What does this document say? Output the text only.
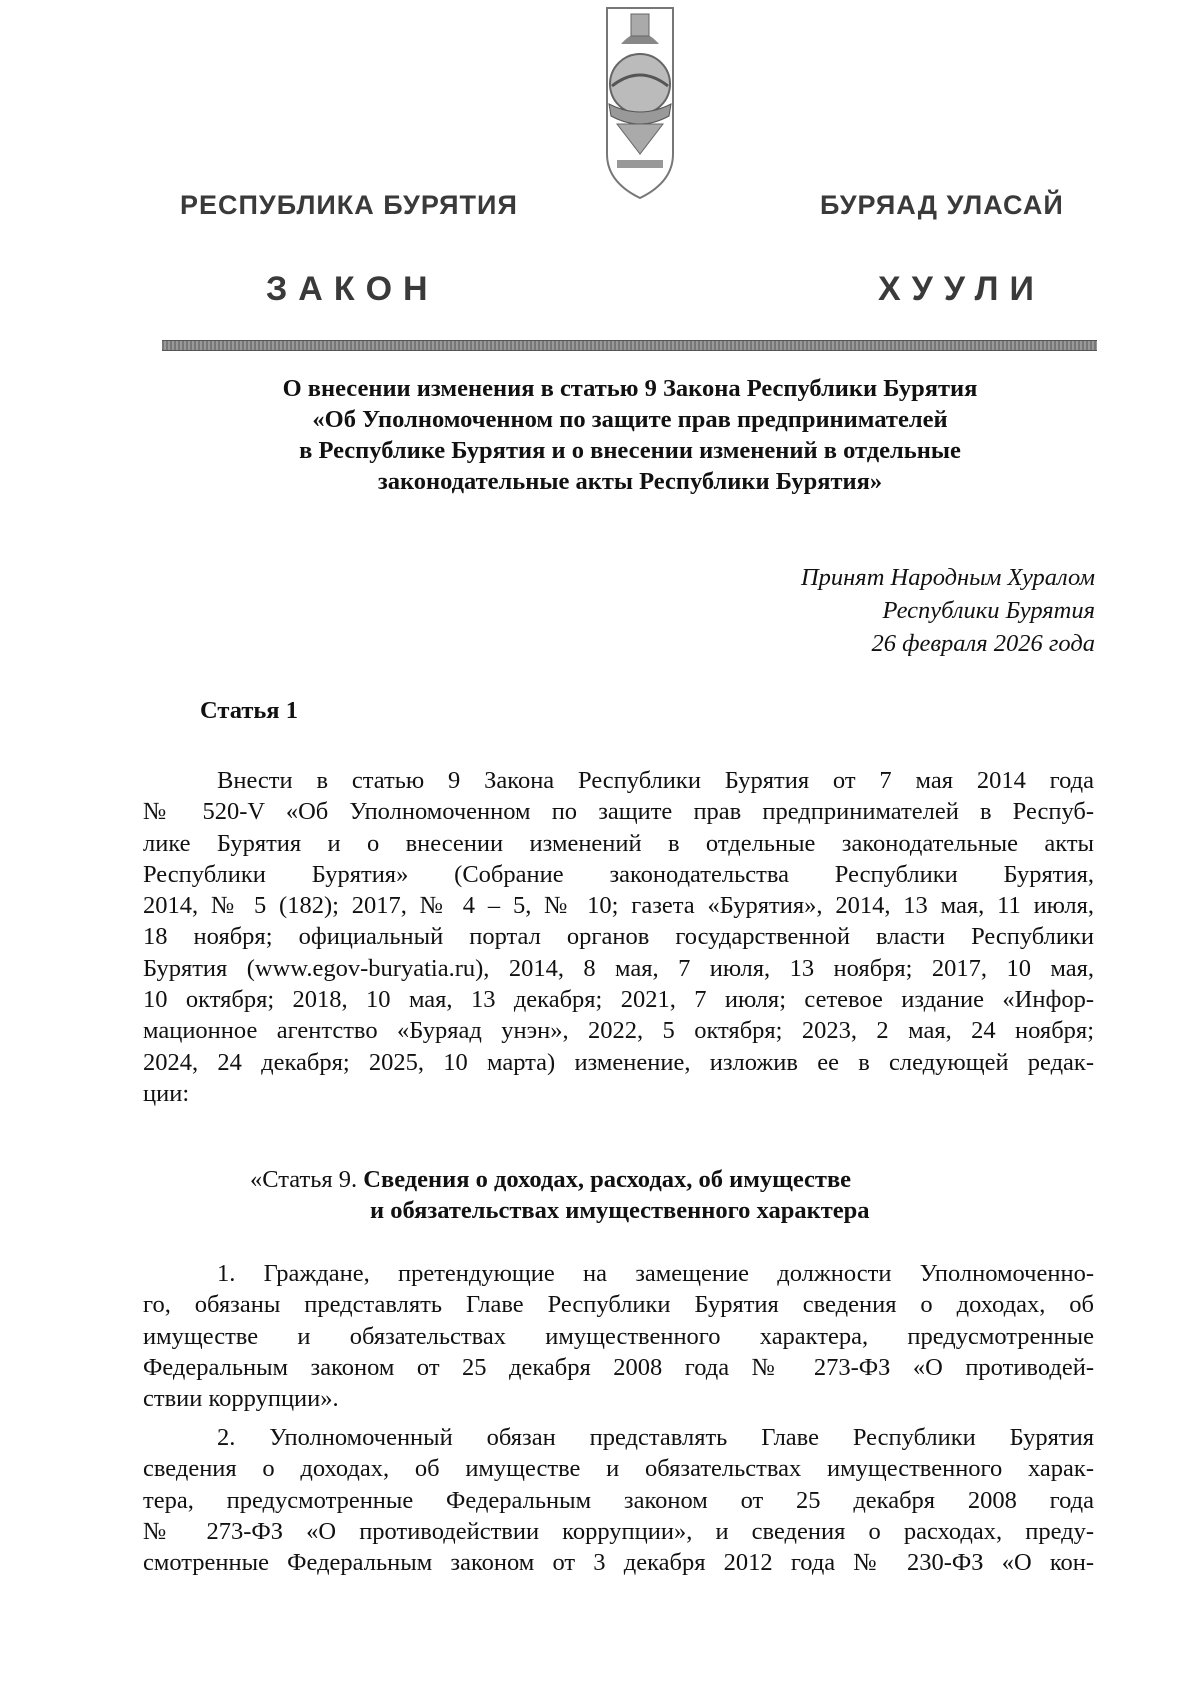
РЕСПУБЛИКА БУРЯТИЯ	БУРЯАД УЛАСАЙ
ЗАКОН	ХУУЛИ
О внесении изменения в статью 9 Закона Республики Бурятия
«Об Уполномоченном по защите прав предпринимателей
в Республике Бурятия и о внесении изменений в отдельные
законодательные акты Республики Бурятия»
Принят Народным Хуралом
Республики Бурятия
26 февраля 2026 года
Статья 1
Внести в статью 9 Закона Республики Бурятия от 7 мая 2014 года
№ 520-V «Об Уполномоченном по защите прав предпринимателей в Респуб-
лике Бурятия и о внесении изменений в отдельные законодательные акты
Республики Бурятия» (Собрание законодательства Республики Бурятия,
2014, № 5 (182); 2017, № 4 – 5, № 10; газета «Бурятия», 2014, 13 мая, 11 июля,
18 ноября; официальный портал органов государственной власти Республики
Бурятия (www.egov-buryatia.ru), 2014, 8 мая, 7 июля, 13 ноября; 2017, 10 мая,
10 октября; 2018, 10 мая, 13 декабря; 2021, 7 июля; сетевое издание «Инфор-
мационное агентство «Буряад унэн», 2022, 5 октября; 2023, 2 мая, 24 ноября;
2024, 24 декабря; 2025, 10 марта) изменение, изложив ее в следующей редак-
ции:
«Статья 9. Сведения о доходах, расходах, об имуществе
и обязательствах имущественного характера
1. Граждане, претендующие на замещение должности Уполномоченно-
го, обязаны представлять Главе Республики Бурятия сведения о доходах, об
имуществе и обязательствах имущественного характера, предусмотренные
Федеральным законом от 25 декабря 2008 года № 273-ФЗ «О противодей-
ствии коррупции».
2. Уполномоченный обязан представлять Главе Республики Бурятия
сведения о доходах, об имуществе и обязательствах имущественного харак-
тера, предусмотренные Федеральным законом от 25 декабря 2008 года
№ 273-ФЗ «О противодействии коррупции», и сведения о расходах, преду-
смотренные Федеральным законом от 3 декабря 2012 года № 230-ФЗ «О кон-
